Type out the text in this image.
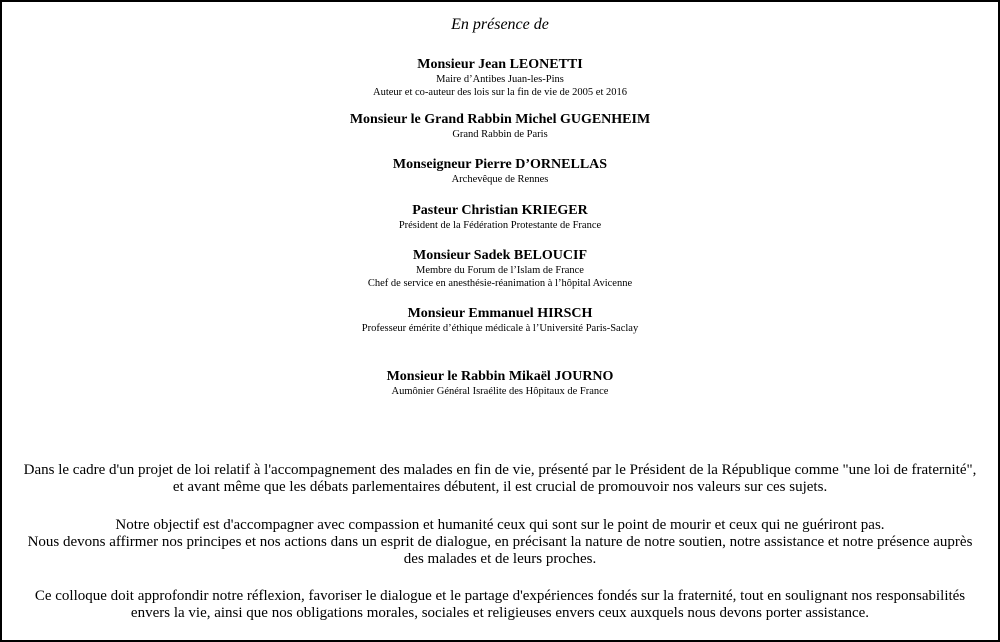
En présence de
Monsieur Jean LEONETTI
Maire d’Antibes Juan-les-Pins
Auteur et co-auteur des lois sur la fin de vie de 2005 et 2016
Monsieur le Grand Rabbin Michel GUGENHEIM
Grand Rabbin de Paris
Monseigneur Pierre D’ORNELLAS
Archevêque de Rennes
Pasteur Christian KRIEGER
Président de la Fédération Protestante de France
Monsieur Sadek BELOUCIF
Membre du Forum de l’Islam de France
Chef de service en anesthésie-réanimation à l’hôpital Avicenne
Monsieur Emmanuel HIRSCH
Professeur émérite d’éthique médicale à l’Université Paris-Saclay
Monsieur le Rabbin Mikaël JOURNO
Aumônier Général Israélite des Hôpitaux de France
Dans le cadre d'un projet de loi relatif à l'accompagnement des malades en fin de vie, présenté par le Président de la République comme "une loi de fraternité",
et avant même que les débats parlementaires débutent, il est crucial de promouvoir nos valeurs sur ces sujets.
Notre objectif est d'accompagner avec compassion et humanité ceux qui sont sur le point de mourir et ceux qui ne guériront pas.
Nous devons affirmer nos principes et nos actions dans un esprit de dialogue, en précisant la nature de notre soutien, notre assistance et notre présence auprès
des malades et de leurs proches.
Ce colloque doit approfondir notre réflexion, favoriser le dialogue et le partage d'expériences fondés sur la fraternité, tout en soulignant nos responsabilités
envers la vie, ainsi que nos obligations morales, sociales et religieuses envers ceux auxquels nous devons porter assistance.
